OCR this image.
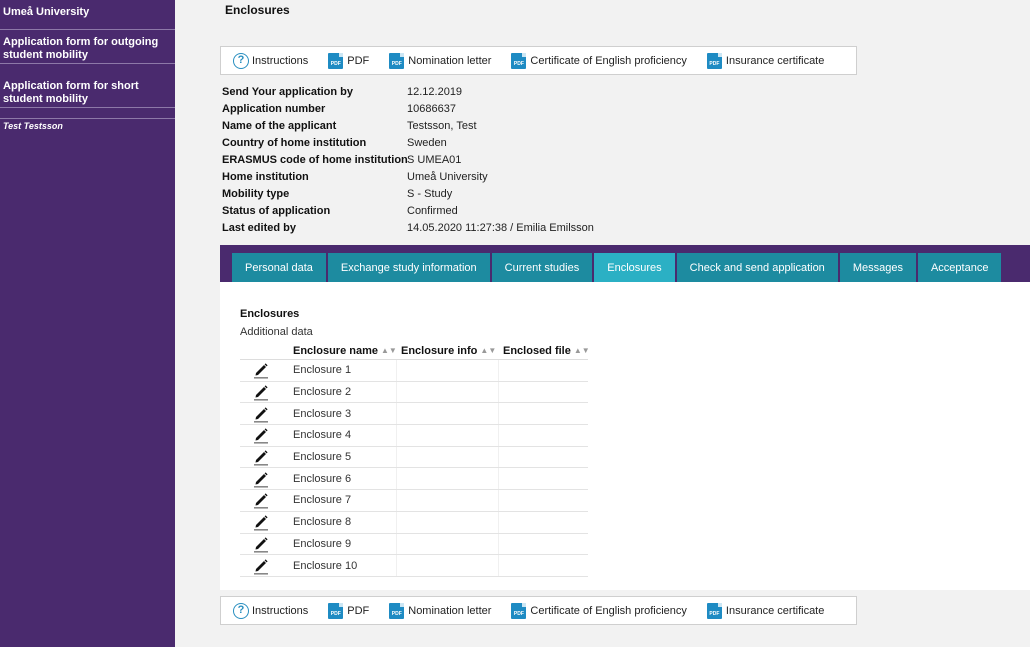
Umeå University
Application form for outgoing student mobility
Application form for short student mobility
Test Testsson
Enclosures
? Instructions	PDF PDF	PDF Nomination letter	PDF Certificate of English proficiency	PDF Insurance certificate
Send Your application by	12.12.2019
Application number	10686637
Name of the applicant	Testsson, Test
Country of home institution	Sweden
ERASMUS code of home institution S UMEA01
Home institution	Umeå University
Mobility type	S - Study
Status of application	Confirmed
Last edited by	14.05.2020 11:27:38 / Emilia Emilsson
Personal data	Exchange study information	Current studies	Enclosures	Check and send application	Messages	Acceptance
Enclosures
Additional data
Enclosure name ▲▼ Enclosure info ▲▼ Enclosed file ▲▼
Enclosure 1
Enclosure 2
Enclosure 3
Enclosure 4
Enclosure 5
Enclosure 6
Enclosure 7
Enclosure 8
Enclosure 9
Enclosure 10
? Instructions	PDF PDF	PDF Nomination letter	PDF Certificate of English proficiency	PDF Insurance certificate
